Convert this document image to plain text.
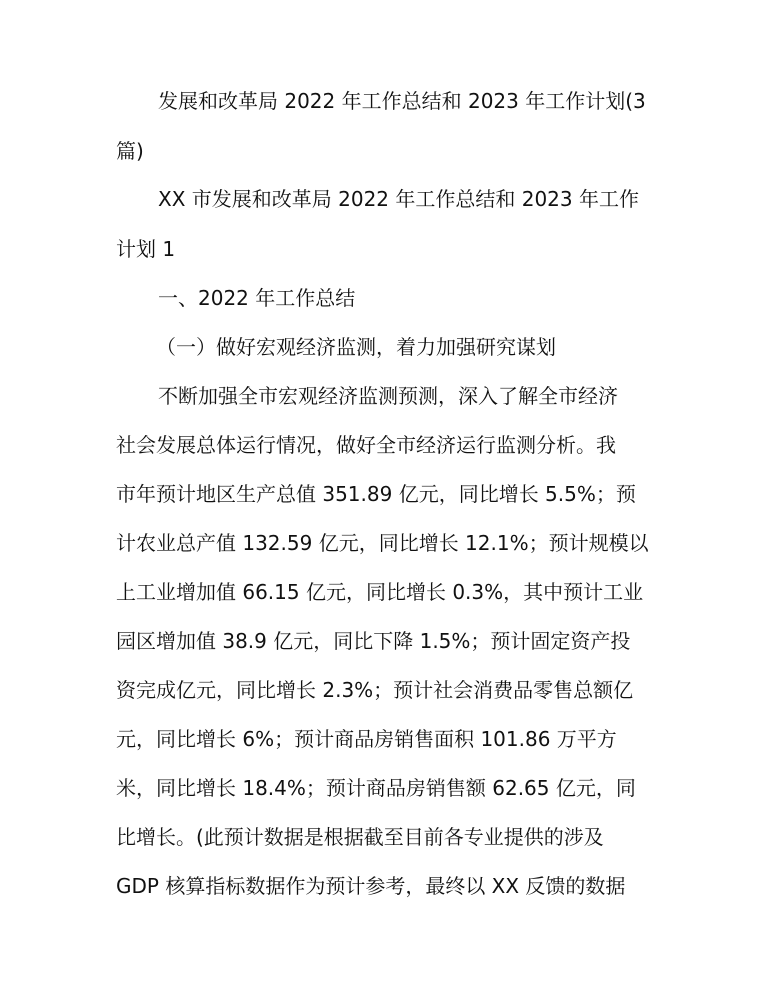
发展和改革局 2022 年工作总结和 2023 年工作计划(3
篇)
XX 市发展和改革局 2022 年工作总结和 2023 年工作
计划 1
一、2022 年工作总结
（一）做好宏观经济监测，着力加强研究谋划
不断加强全市宏观经济监测预测，深入了解全市经济
社会发展总体运行情况，做好全市经济运行监测分析。我
市年预计地区生产总值 351.89 亿元，同比增长 5.5%；预
计农业总产值 132.59 亿元，同比增长 12.1%；预计规模以
上工业增加值 66.15 亿元，同比增长 0.3%，其中预计工业
园区增加值 38.9 亿元，同比下降 1.5%；预计固定资产投
资完成亿元，同比增长 2.3%；预计社会消费品零售总额亿
元，同比增长 6%；预计商品房销售面积 101.86 万平方
米，同比增长 18.4%；预计商品房销售额 62.65 亿元，同
比增长。(此预计数据是根据截至目前各专业提供的涉及
GDP 核算指标数据作为预计参考，最终以 XX 反馈的数据
